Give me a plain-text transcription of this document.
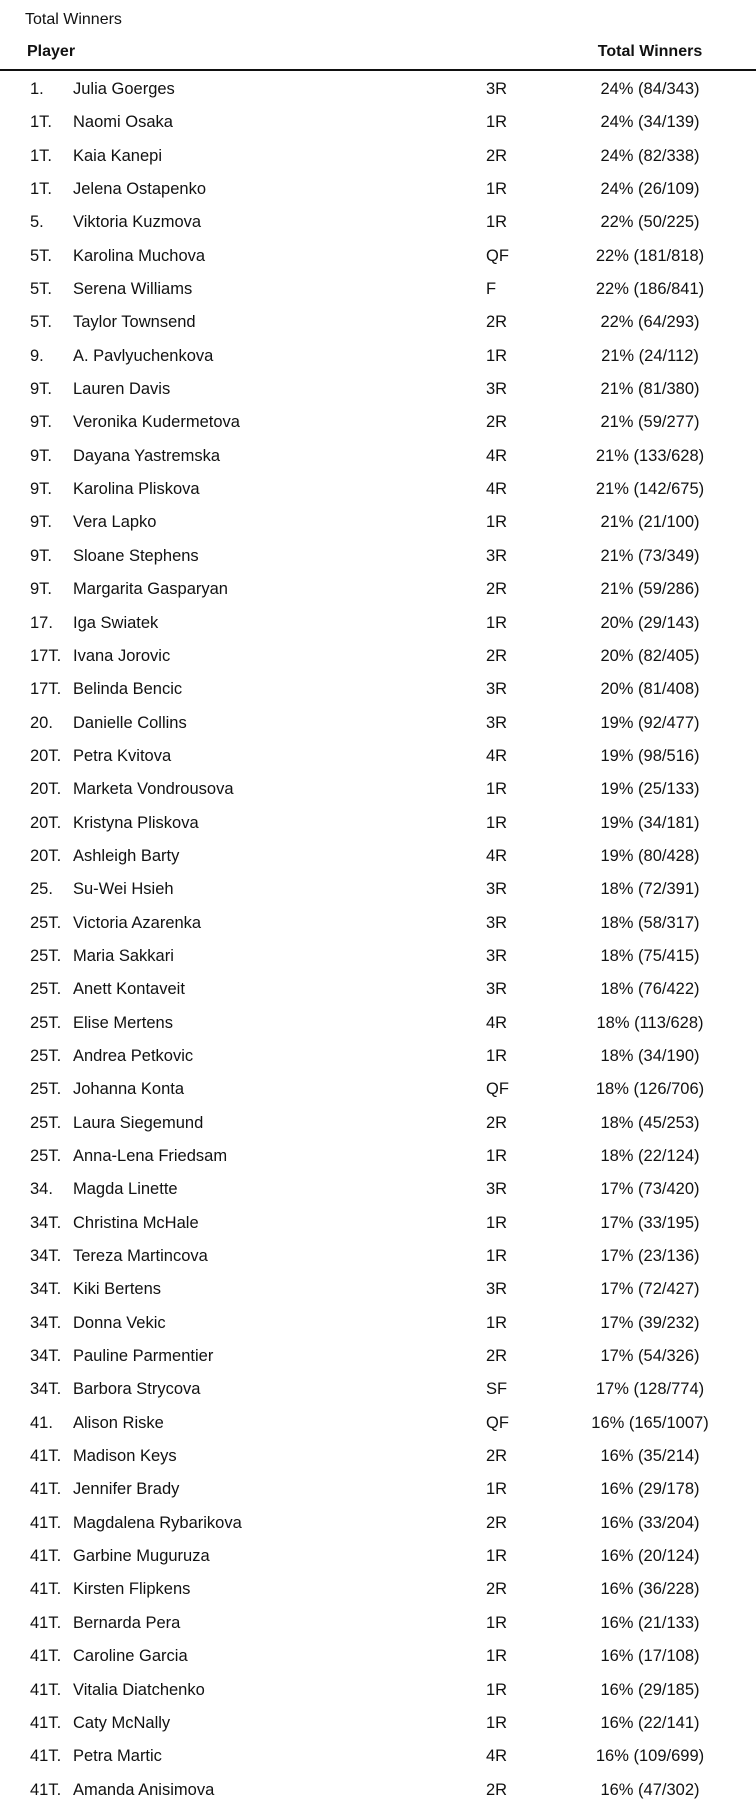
Total Winners
Player	Total Winners
1. Julia Goerges	3R	24% (84/343)
1T. Naomi Osaka	1R	24% (34/139)
1T. Kaia Kanepi	2R	24% (82/338)
1T. Jelena Ostapenko	1R	24% (26/109)
5. Viktoria Kuzmova	1R	22% (50/225)
5T. Karolina Muchova	QF	22% (181/818)
5T. Serena Williams	F	22% (186/841)
5T. Taylor Townsend	2R	22% (64/293)
9. A. Pavlyuchenkova	1R	21% (24/112)
9T. Lauren Davis	3R	21% (81/380)
9T. Veronika Kudermetova	2R	21% (59/277)
9T. Dayana Yastremska	4R	21% (133/628)
9T. Karolina Pliskova	4R	21% (142/675)
9T. Vera Lapko	1R	21% (21/100)
9T. Sloane Stephens	3R	21% (73/349)
9T. Margarita Gasparyan	2R	21% (59/286)
17. Iga Swiatek	1R	20% (29/143)
17T. Ivana Jorovic	2R	20% (82/405)
17T. Belinda Bencic	3R	20% (81/408)
20. Danielle Collins	3R	19% (92/477)
20T. Petra Kvitova	4R	19% (98/516)
20T. Marketa Vondrousova	1R	19% (25/133)
20T. Kristyna Pliskova	1R	19% (34/181)
20T. Ashleigh Barty	4R	19% (80/428)
25. Su-Wei Hsieh	3R	18% (72/391)
25T. Victoria Azarenka	3R	18% (58/317)
25T. Maria Sakkari	3R	18% (75/415)
25T. Anett Kontaveit	3R	18% (76/422)
25T. Elise Mertens	4R	18% (113/628)
25T. Andrea Petkovic	1R	18% (34/190)
25T. Johanna Konta	QF	18% (126/706)
25T. Laura Siegemund	2R	18% (45/253)
25T. Anna-Lena Friedsam	1R	18% (22/124)
34. Magda Linette	3R	17% (73/420)
34T. Christina McHale	1R	17% (33/195)
34T. Tereza Martincova	1R	17% (23/136)
34T. Kiki Bertens	3R	17% (72/427)
34T. Donna Vekic	1R	17% (39/232)
34T. Pauline Parmentier	2R	17% (54/326)
34T. Barbora Strycova	SF	17% (128/774)
41. Alison Riske	QF	16% (165/1007)
41T. Madison Keys	2R	16% (35/214)
41T. Jennifer Brady	1R	16% (29/178)
41T. Magdalena Rybarikova	2R	16% (33/204)
41T. Garbine Muguruza	1R	16% (20/124)
41T. Kirsten Flipkens	2R	16% (36/228)
41T. Bernarda Pera	1R	16% (21/133)
41T. Caroline Garcia	1R	16% (17/108)
41T. Vitalia Diatchenko	1R	16% (29/185)
41T. Caty McNally	1R	16% (22/141)
41T. Petra Martic	4R	16% (109/699)
41T. Amanda Anisimova	2R	16% (47/302)
